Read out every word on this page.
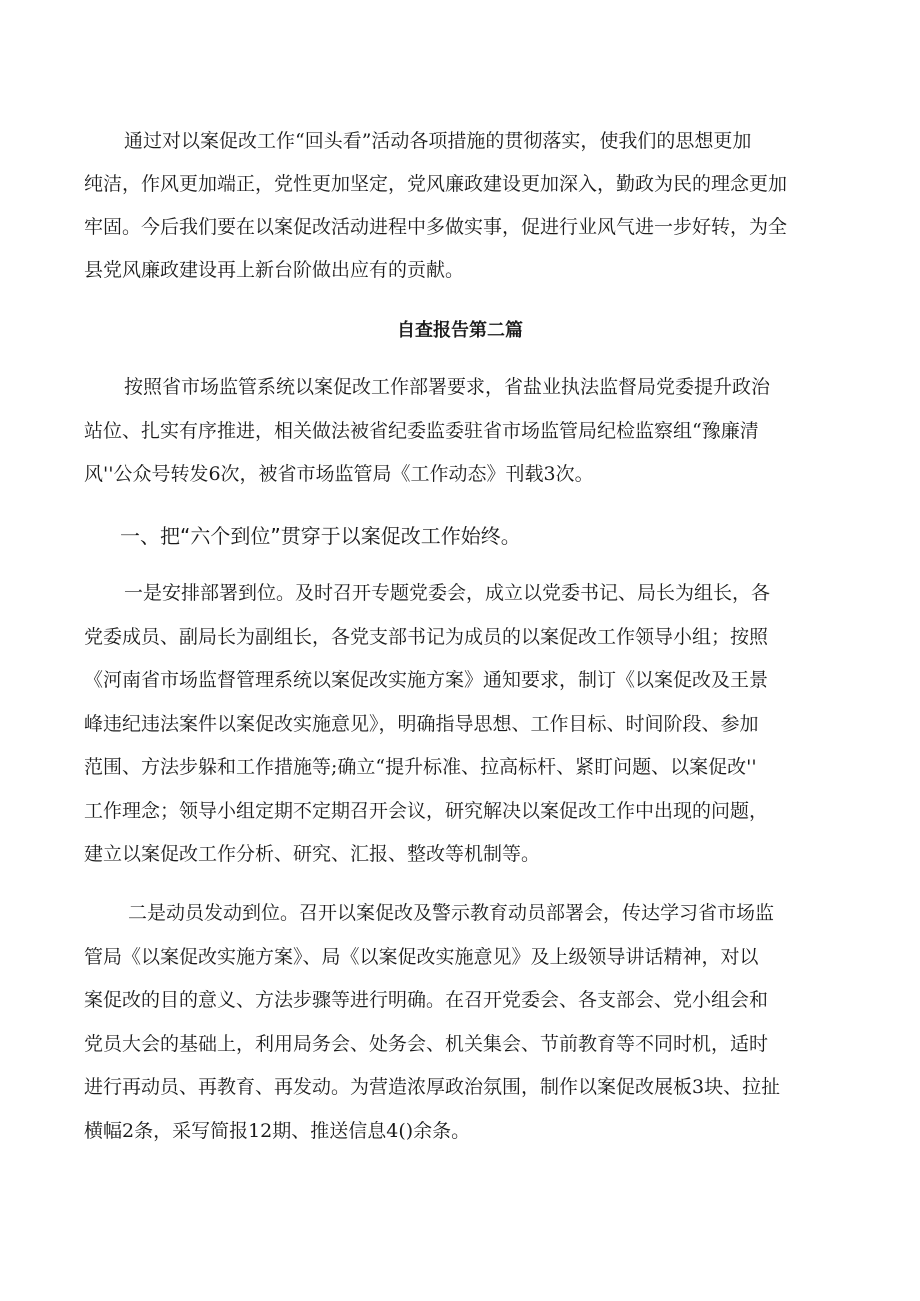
通过对以案促改工作“回头看”活动各项措施的贯彻落实，使我们的思想更加
纯洁，作风更加端正，党性更加坚定，党风廉政建设更加深入，勤政为民的理念更加
牢固。今后我们要在以案促改活动进程中多做实事，促进行业风气进一步好转，为全
县党风廉政建设再上新台阶做出应有的贡献。
自查报告第二篇
按照省市场监管系统以案促改工作部署要求，省盐业执法监督局党委提升政治
站位、扎实有序推进，相关做法被省纪委监委驻省市场监管局纪检监察组“豫廉清
风''公众号转发6次，被省市场监管局《工作动态》刊载3次。
一、把“六个到位”贯穿于以案促改工作始终。
一是安排部署到位。及时召开专题党委会，成立以党委书记、局长为组长，各
党委成员、副局长为副组长，各党支部书记为成员的以案促改工作领导小组；按照
《河南省市场监督管理系统以案促改实施方案》通知要求，制订《以案促改及王景
峰违纪违法案件以案促改实施意见》，明确指导思想、工作目标、时间阶段、参加
范围、方法步躲和工作措施等;确立“提升标准、拉高标杆、紧盯问题、以案促改''
工作理念；领导小组定期不定期召开会议，研究解决以案促改工作中出现的问题，
建立以案促改工作分析、研究、汇报、整改等机制等。
二是动员发动到位。召开以案促改及警示教育动员部署会，传达学习省市场监
管局《以案促改实施方案》、局《以案促改实施意见》及上级领导讲话精神，对以
案促改的目的意义、方法步骤等进行明确。在召开党委会、各支部会、党小组会和
党员大会的基础上，利用局务会、处务会、机关集会、节前教育等不同时机，适时
进行再动员、再教育、再发动。为营造浓厚政治氛围，制作以案促改展板3块、拉扯
横幅2条，采写简报12期、推送信息4()余条。
